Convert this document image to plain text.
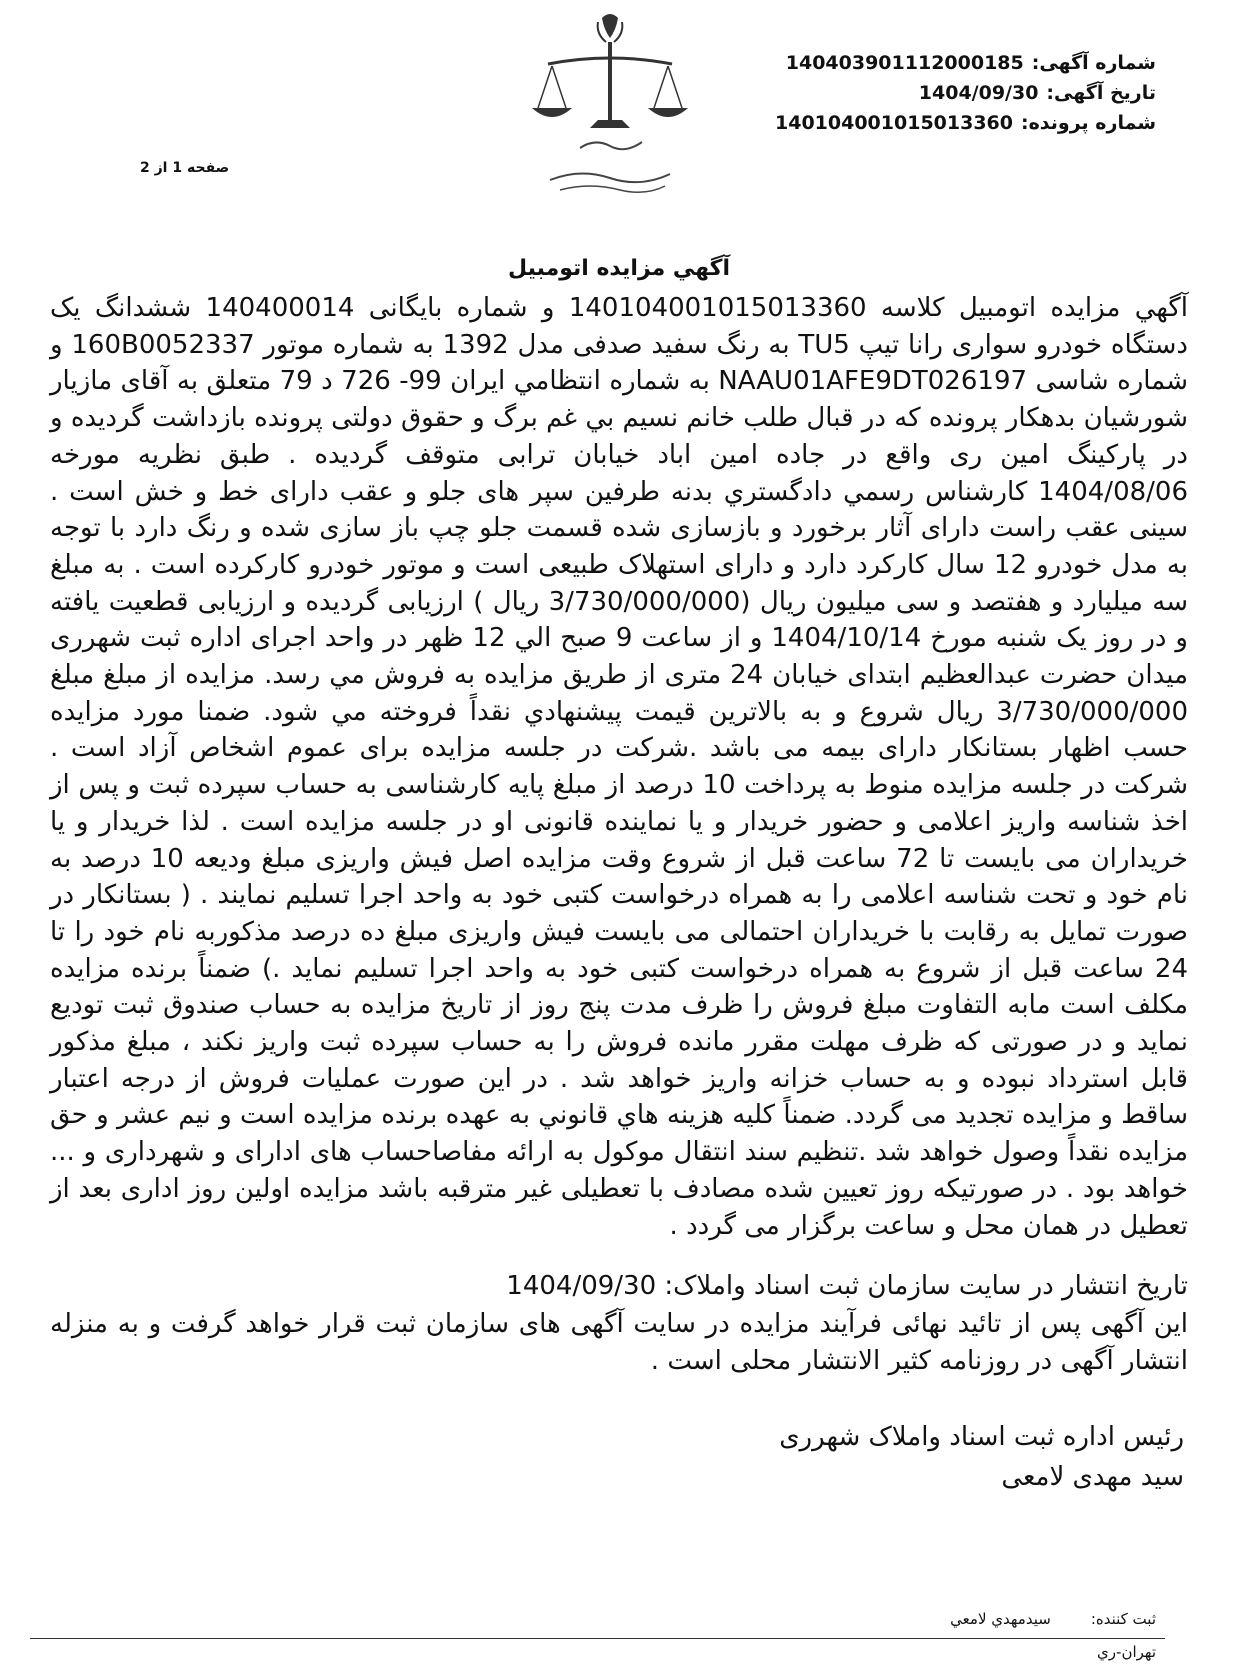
شماره آگهی:140403901112000185
تاریخ آگهی:1404/09/30
شماره پرونده:140104001015013360
صفحه 1 از 2
آگهي مزايده اتومبيل

آگهي مزايده اتومبيل كلاسه 140104001015013360 و شماره بایگانی 140400014 ششدانگ یک دستگاه خودرو سواری رانا تیپ TU5 به رنگ سفید صدفی مدل 1392 به شماره موتور 160B0052337 و شماره شاسی NAAU01AFE9DT026197 به شماره انتظامي ايران 99- 726 د 79 متعلق به آقای مازیار شورشیان بدهکار پرونده که در قبال طلب خانم نسیم بي غم برگ و حقوق دولتی پرونده بازداشت گردیده و در پارکینگ امین ری واقع در جاده امین اباد خیابان ترابی متوقف گردیده . طبق نظریه مورخه 1404/08/06 کارشناس رسمي دادگستري بدنه طرفین سپر های جلو و عقب دارای خط و خش است . سینی عقب راست دارای آثار برخورد و بازسازی شده قسمت جلو چپ باز سازی شده و رنگ دارد با توجه به مدل خودرو 12 سال کارکرد دارد و دارای استهلاک طبیعی است و موتور خودرو کارکرده است . به مبلغ سه میلیارد و هفتصد و سی میلیون ریال (3/730/000/000 ریال ) ارزیابی گردیده و ارزیابی قطعیت یافته و در روز یک شنبه مورخ 1404/10/14 و از ساعت 9 صبح الي 12 ظهر در واحد اجرای اداره ثبت شهرری میدان حضرت عبدالعظیم ابتدای خیابان 24 متری از طريق مزايده به فروش مي رسد. مزايده از مبلغ مبلغ 3/730/000/000 ريال شروع و به بالاترين قيمت پيشنهادي نقداً فروخته مي شود. ضمنا مورد مزایده حسب اظهار بستانکار دارای بیمه می باشد .شرکت در جلسه مزایده برای عموم اشخاص آزاد است . شرکت در جلسه مزایده منوط به پرداخت 10 درصد از مبلغ پایه کارشناسی به حساب سپرده ثبت و پس از اخذ شناسه واریز اعلامی و حضور خریدار و یا نماینده قانونی او در جلسه مزایده است . لذا خریدار و یا خریداران می بایست تا 72 ساعت قبل از شروع وقت مزایده اصل فیش واریزی مبلغ ودیعه 10 درصد به نام خود و تحت شناسه اعلامی را به همراه درخواست کتبی خود به واحد اجرا تسلیم نمایند . ( بستانکار در صورت تمایل به رقابت با خریداران احتمالی می بایست فیش واریزی مبلغ ده درصد مذکوربه نام خود را تا 24 ساعت قبل از شروع به همراه درخواست کتبی خود به واحد اجرا تسلیم نماید .) ضمناً برنده مزایده مکلف است مابه التفاوت مبلغ فروش را ظرف مدت پنج روز از تاریخ مزایده به حساب صندوق ثبت تودیع نماید و در صورتی که ظرف مهلت مقرر مانده فروش را به حساب سپرده ثبت واریز نکند ، مبلغ مذکور قابل استرداد نبوده و به حساب خزانه واریز خواهد شد . در این صورت عملیات فروش از درجه اعتبار ساقط و مزایده تجدید می گردد. ضمناً کليه هزينه هاي قانوني به عهده برنده مزايده است و نيم عشر و حق مزايده نقداً وصول خواهد شد .تنظیم سند انتقال موکول به ارائه مفاصاحساب های ادارای و شهرداری و ... خواهد بود . در صورتیکه روز تعیین شده مصادف با تعطیلی غیر مترقبه باشد مزایده اولین روز اداری بعد از تعطیل در همان محل و ساعت برگزار می گردد .

تاریخ انتشار در سایت سازمان ثبت اسناد واملاک: 1404/09/30
این آگهی پس از تائید نهائی فرآیند مزایده در سایت آگهی های سازمان ثبت قرار خواهد گرفت و به منزله انتشار آگهی در روزنامه کثیر الانتشار محلی است .
رئیس اداره ثبت اسناد واملاک شهرری
سید مهدی لامعی
ثبت کننده:سیدمهدي لامعي
تهران-ري
